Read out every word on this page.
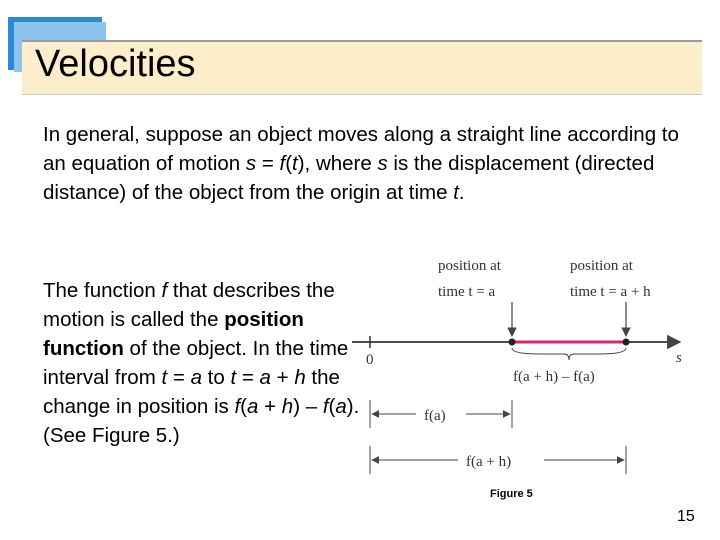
Velocities
In general, suppose an object moves along a straight line according to an equation of motion s = f(t), where s is the displacement (directed distance) of the object from the origin at time t.
The function f that describes the motion is called the position function of the object. In the time interval from t = a to t = a + h the change in position is f(a + h) – f(a).
(See Figure 5.)
position at
time t = a
position at
time t = a + h
0	s
f(a + h) – f(a)
f(a)
f(a + h)
Figure 5
15
